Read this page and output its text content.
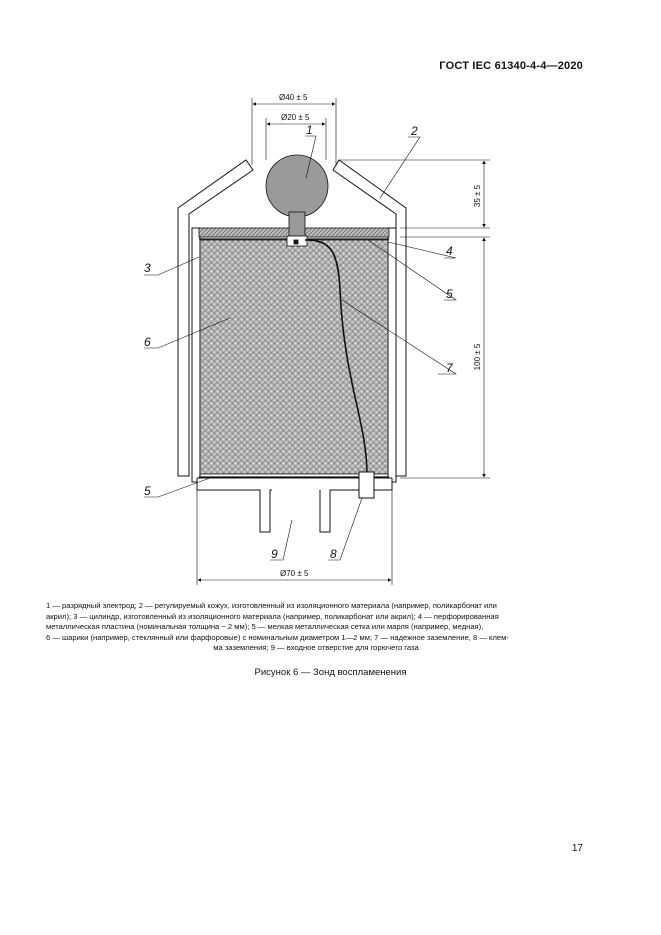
ГОСТ IEC 61340-4-4—2020
Ø40 ± 5
Ø20 ± 5
35 ± 5
100 ± 5
Ø70 ± 5
1	2
3
4
5
5
6
7
8
9
1 — разрядный электрод; 2 — регулируемый кожух, изготовленный из изоляционного материала (например, поликарбонат или
акрил); 3 — цилиндр, изготовленный из изоляционного материала (например, поликарбонат или акрил); 4 — перфорированная
металлическая пластина (номинальная толщина ~ 2 мм); 5 — мелкая металлическая сетка или марля (например, медная),
6 — шарики (например, стеклянный или фарфоровые) с номинальным диаметром 1—2 мм; 7 — надежное заземление, 8 — клем-

ма заземления; 9 — входное отверстие для горючего газа
Рисунок 6 — Зонд воспламенения
17
